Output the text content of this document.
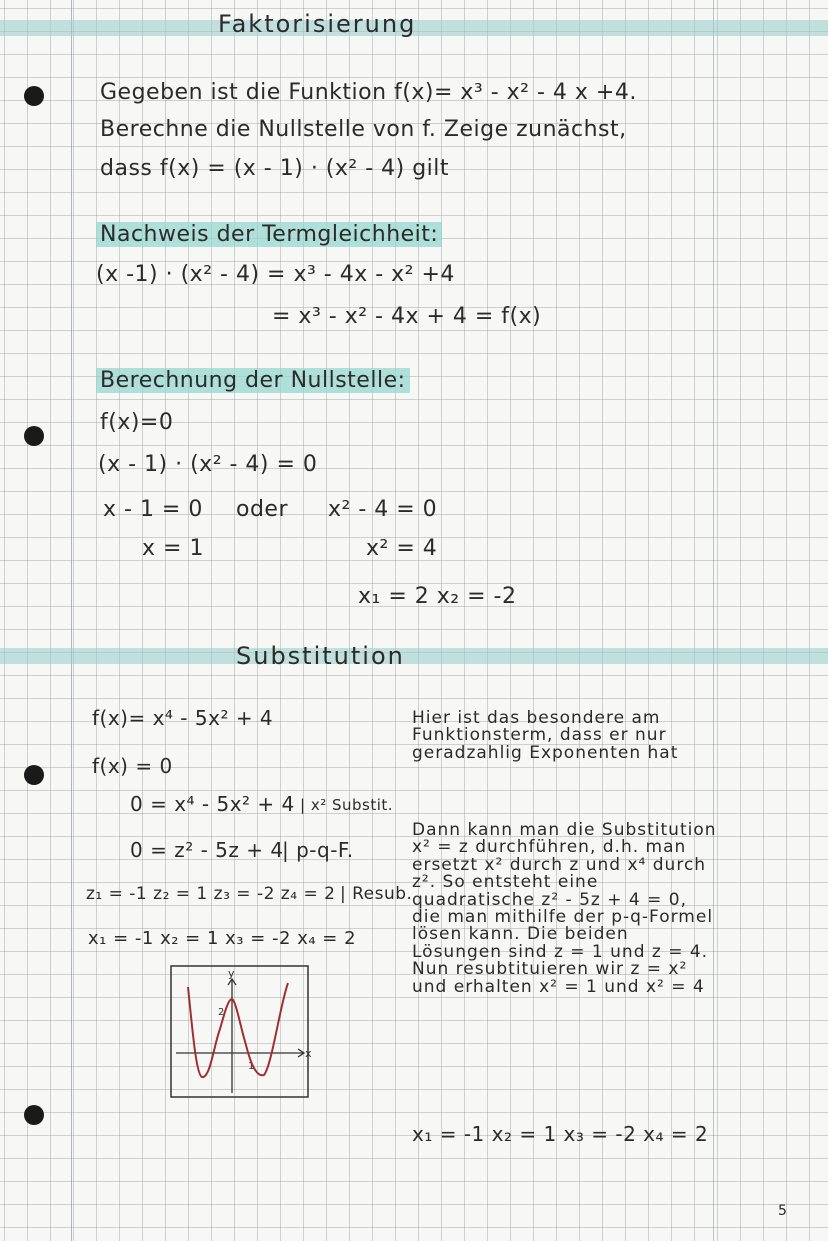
Faktorisierung
Gegeben ist die Funktion f(x)= x³ - x² - 4 x +4.
Berechne die Nullstelle von f. Zeige zunächst,
dass f(x) = (x - 1) · (x² - 4) gilt
Nachweis der Termgleichheit:
(x -1) · (x² - 4) = x³ - 4x - x² +4
= x³ - x² - 4x + 4 = f(x)
Berechnung der Nullstelle:
f(x)=0
(x - 1) · (x² - 4) = 0
x - 1 = 0 oder x² - 4 = 0
x = 1	x² = 4
x₁ = 2 x₂ = -2
Substitution
f(x)= x⁴ - 5x² + 4
f(x) = 0
0 = x⁴ - 5x² + 4 | x² Substit.
0 = z² - 5z + 4
| p-q-F.
z₁ = -1 z₂ = 1 z₃ = -2 z₄ = 2 | Resub.
x₁ = -1 x₂ = 1 x₃ = -2 x₄ = 2
y
x
1
2
Hier ist das besondere am Funktionsterm, dass er nur geradzahlig Exponenten hat
Dann kann man die Substitution x² = z durchführen, d.h. man ersetzt x² durch z und x⁴ durch z². So entsteht eine quadratische z² - 5z + 4 = 0, die man mithilfe der p-q-Formel lösen kann. Die beiden Lösungen sind z = 1 und z = 4. Nun resubtituieren wir z = x² und erhalten x² = 1 und x² = 4
x₁ = -1 x₂ = 1 x₃ = -2 x₄ = 2
5
